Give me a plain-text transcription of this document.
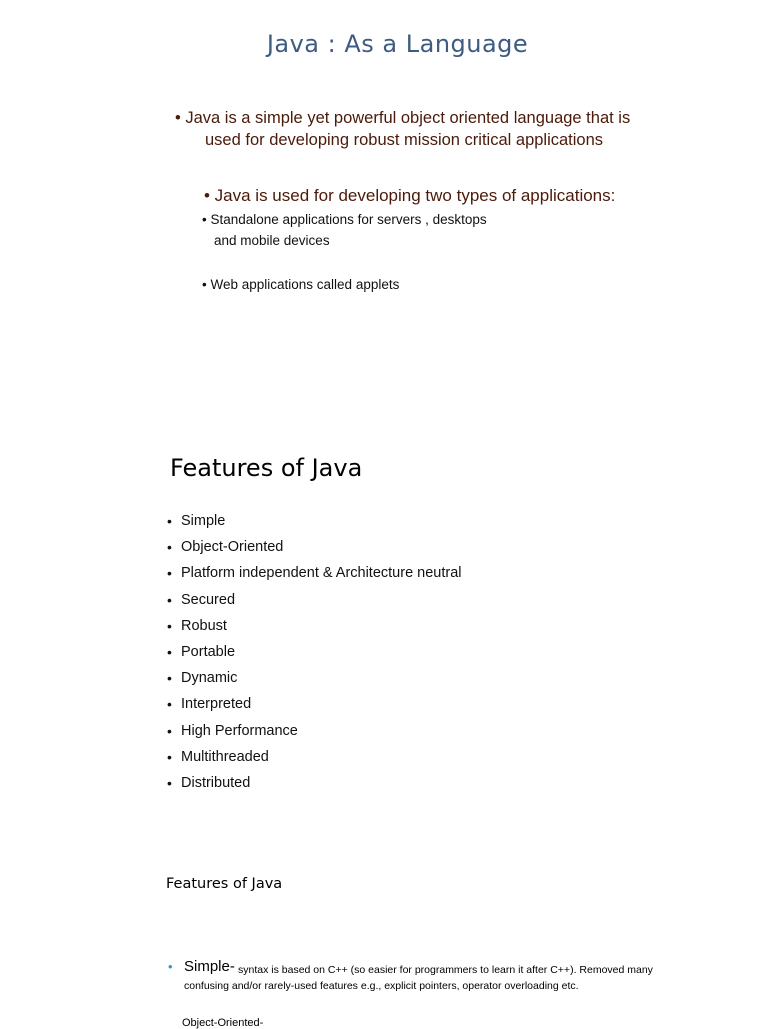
Java : As a Language
• Java is a simple yet powerful object oriented language that is
used for developing robust mission critical applications
• Java is used for developing two types of applications:
• Standalone applications for servers , desktops
and mobile devices
• Web applications called applets
Features of Java
• Simple
• Object-Oriented
• Platform independent & Architecture neutral
• Secured
• Robust
• Portable
• Dynamic
• Interpreted
• High Performance
• Multithreaded
• Distributed
Features of Java
• Simple- syntax is based on C++ (so easier for programmers to learn it after C++). Removed many
confusing and/or rarely-used features e.g., explicit pointers, operator overloading etc.
Object-Oriented-
